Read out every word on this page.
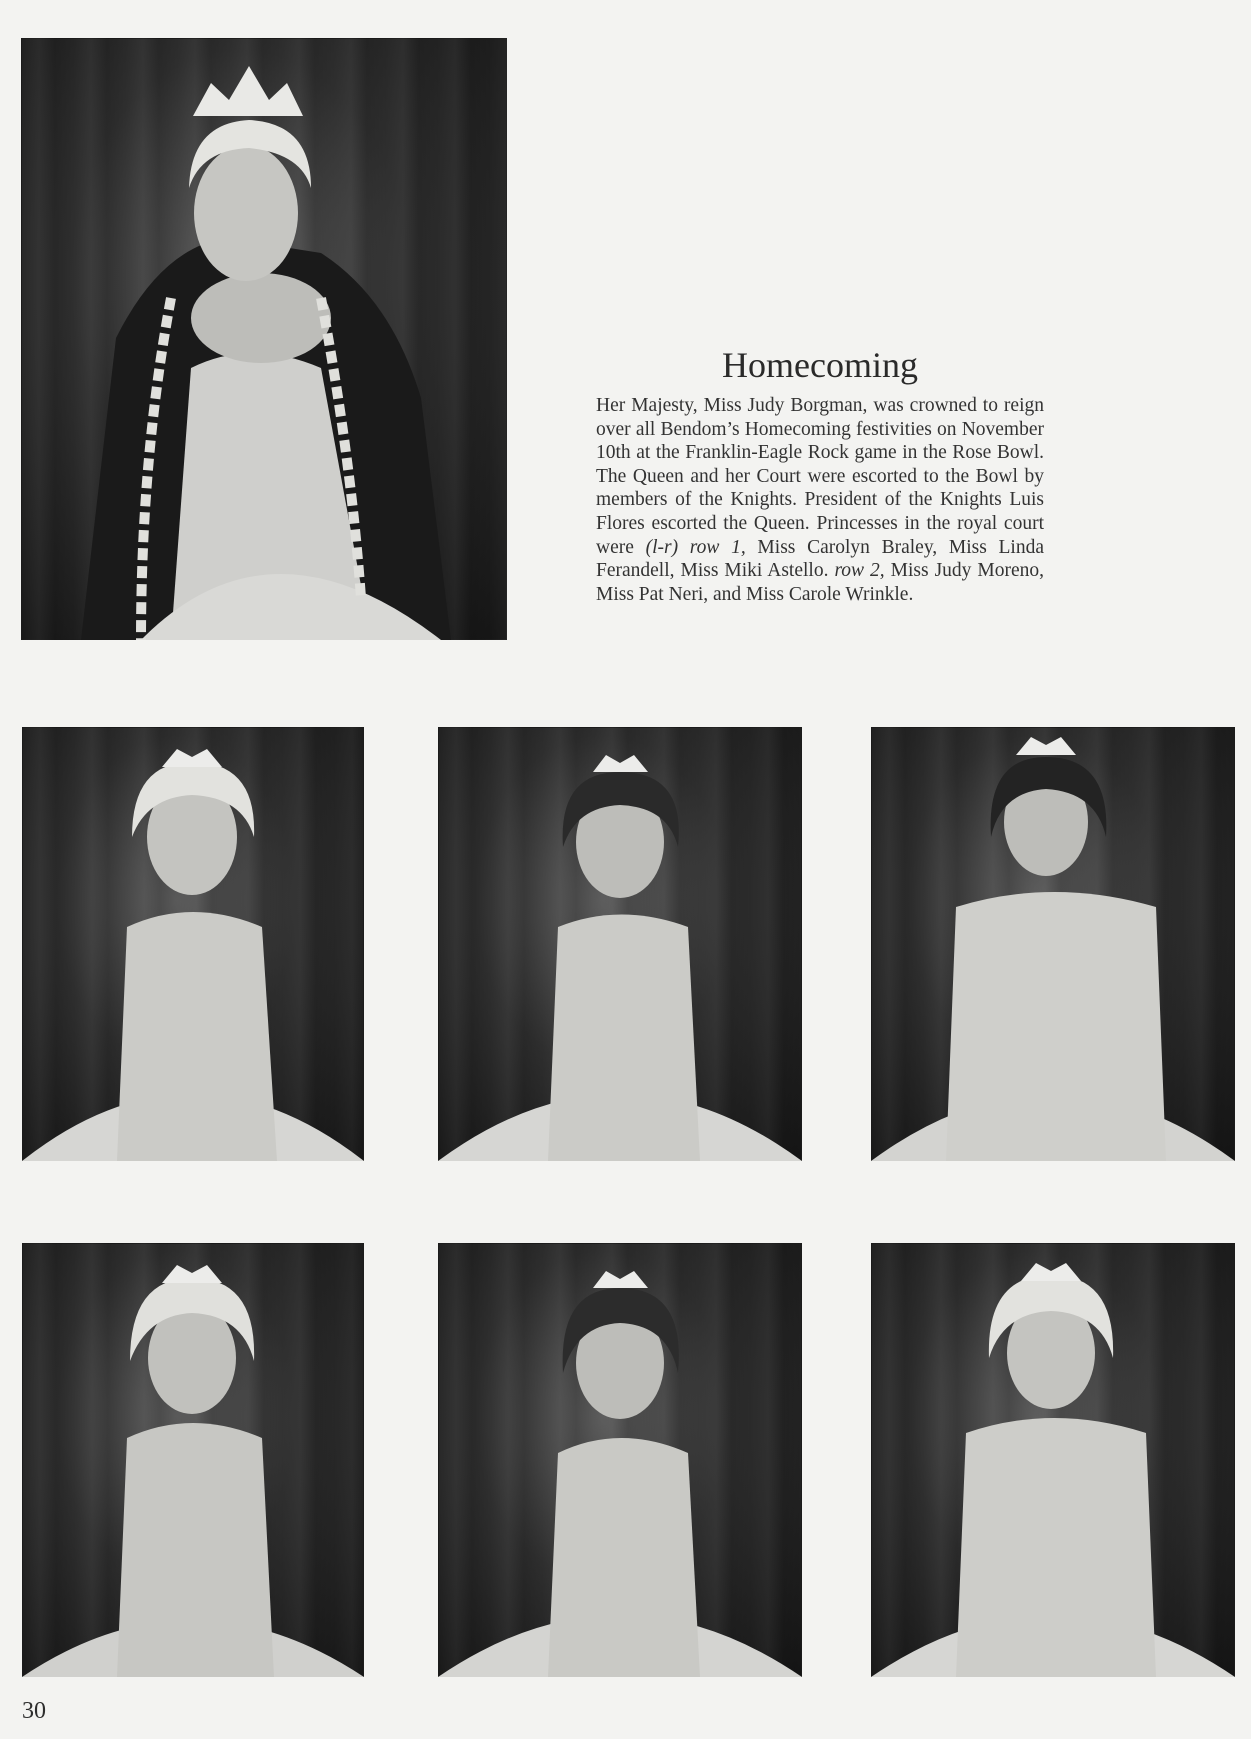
Homecoming

Her Majesty, Miss Judy Borgman, was crowned to reign over all Bendom’s Homecoming festivities on November 10th at the Franklin-Eagle Rock game in the Rose Bowl. The Queen and her Court were escorted to the Bowl by members of the Knights. President of the Knights Luis Flores escorted the Queen. Princesses in the royal court were (l-r) row 1, Miss Carolyn Braley, Miss Linda Ferandell, Miss Miki Astello. row 2, Miss Judy Moreno, Miss Pat Neri, and Miss Carole Wrinkle.

30
